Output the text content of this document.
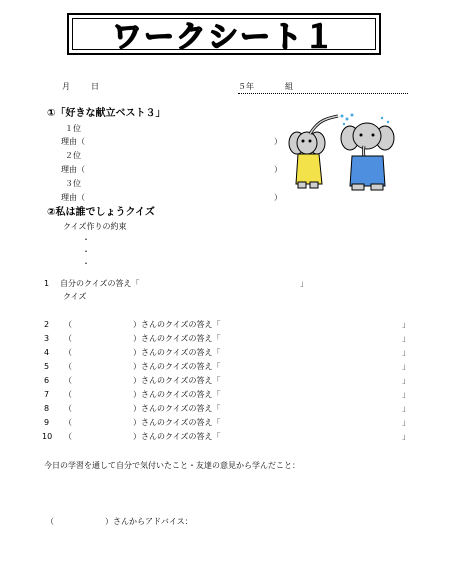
ワークシート１
月	日	５年	組
①「好きな献立ベスト３」
１位
理由（	）
２位
理由（	）
３位
理由（	）
②私は誰でしょうクイズ
クイズ作りの約束
・
・
・
1 自分のクイズの答え「	」
クイズ
2 （	）さんのクイズの答え「	」
3 （	）さんのクイズの答え「	」
4 （	）さんのクイズの答え「	」
5 （	）さんのクイズの答え「	」
6 （	）さんのクイズの答え「	」
7 （	）さんのクイズの答え「	」
8 （	）さんのクイズの答え「	」
9 （	）さんのクイズの答え「	」
10 （	）さんのクイズの答え「	」
今日の学習を通して自分で気付いたこと・友達の意見から学んだこと：
（	）さんからアドバイス：
